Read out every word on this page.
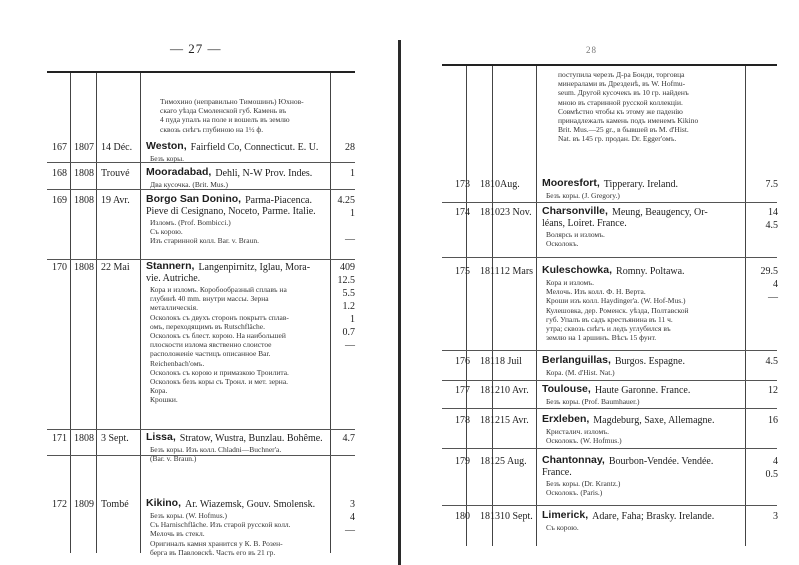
— 27 —
Тимохино (неправильно Тимошинъ) Юхнов-
скаго уѣзда Смоленской губ. Камень въ
4 пуда упалъ на поле и вошелъ въ землю
сквозь снѣгъ глубиною на 1½ ф.
167 1807 14 Déc. Weston, Fairfield Co, Connecticut. E. U.
Безъ коры.
28
168 1808 Trouvé Mooradabad, Dehli, N-W Prov. Indes.
Два кусочка. (Brit. Mus.)
1
169 1808 19 Avr. Borgo San Donino, Parma-Piacenca.
Pieve di Cesignano, Noceto, Parme. Italie.
Изломъ. (Prof. Bombicci.)
Съ корою.
Изъ старинной колл. Bar. v. Braun.
4.25
1
—
170 1808 22 Mai Stannern, Langenpirnitz, Iglau, Mora-
vie. Autriche.
Кора и изломъ. Коробообразный сплавъ на
глубинѣ 40 mm. внутри массы. Зерна
металлическія.
Осколокъ съ двухъ сторонъ покрытъ сплав-
омъ, переходящимъ въ Rutschfläche.
Осколокъ съ блест. корою. На наибольшей
плоскости излома явственно слоистое
расположеніе частицъ описанное Bar.
Reichenbach'омъ.
Осколокъ съ корою и примазкою Троилита.
Осколокъ безъ коры съ Тронл. и мет. зерна.
Кора.
Крошки.
409
12.5
5.5
1.2
1
0.7
—
171 1808 3 Sept. Lissa, Stratow, Wustra, Bunzlau. Bohême.
Безъ коры. Изъ колл. Chladni—Buchner'a.
(Bar. v. Braun.)
4.7
172 1809 Tombé Kikino, Ar. Wiazemsk, Gouv. Smolensk.
Безъ коры. (W. Hofmus.)
Съ Harnischfläche. Изъ старой русской колл.
Мелочь въ стекл.
Оригиналъ камня хранится у К. В. Розен-
берга въ Павловскѣ. Часть его въ 21 гр.
3
4
—
28
поступила черезъ Д-ра Бонди, торговца
минералами въ Дрезденѣ, въ W. Hofmu-
seum. Другой кусочекъ въ 10 гр. найденъ
мною въ старинной русской коллекціи.
Совмѣстно чтобы къ этому же паденію
принадлежалъ камень подъ именемъ Kikino
Brit. Mus.—25 gr., в бывшей въ M. d'Hist.
Nat. въ 145 гр. продан. Dr. Egger'омъ.
173 1810 Aug. Mooresfort, Tipperary. Ireland.
Безъ коры. (J. Gregory.)
7.5
174 1810 23 Nov. Charsonville, Meung, Beaugency, Or-
léans, Loiret. France.
Волярсь и изломъ.
Осколокъ.
14
4.5
175 1811 12 Mars Kuleschowka, Romny. Poltawa.
Кора и изломъ.
Мелочь. Изъ колл. Ф. Н. Верта.
Кроши изъ колл. Haydinger'a. (W. Hof-Mus.)
Кулешовка, дер. Роменск. уѣзда, Полтавской
губ. Упалъ въ садъ крестьянина въ 11 ч.
утра; сквозь снѣгъ и ледъ углубился въ
землю на 1 аршинъ. Вѣсъ 15 фунт.
29.5
4
—
176 1811 8 Juil Berlanguillas, Burgos. Espagne.
Кора. (M. d'Hist. Nat.)
4.5
177 1812 10 Avr. Toulouse, Haute Garonne. France.
Безъ коры. (Prof. Baumhauer.)
12
178 1812 15 Avr. Erxleben, Magdeburg, Saxe, Allemagne.
Кристалич. изломъ.
Осколокъ. (W. Hofmus.)
16
179 1812 5 Aug. Chantonnay, Bourbon-Vendée. Vendée.
France.
Безъ коры. (Dr. Krantz.)
Осколокъ. (Paris.)
4
0.5
180 1813 10 Sept. Limerick, Adare, Faha; Brasky. Irelande.
Съ корою.
3
